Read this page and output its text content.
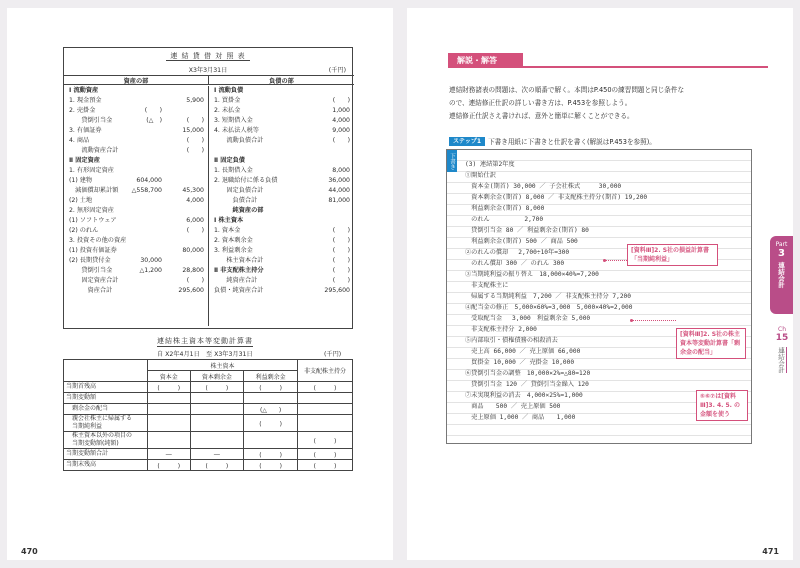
連 結 貸 借 対 照 表
X3年3月31日	(千円)
資産の部	負債の部
Ⅰ 流動資産
1. 現金預金	5,900
2. 売掛金	(　　)
　　貸倒引当金	(△　)	(　　)
3. 有価証券	15,000
4. 商品	(　　)
　　流動資産合計	(　　)
Ⅱ 固定資産
1. 有形固定資産
(1) 建物	604,000
　減価償却累計額 △558,700	45,300
(2) 土地	4,000
2. 無形固定資産
(1) ソフトウェア	6,000
(2) のれん	(　　)
3. 投資その他の資産
(1) 投資有価証券	80,000
(2) 長期貸付金	30,000
　　貸倒引当金	△1,200	28,800
　　固定資産合計	(　　)
　　　資産合計	295,600
Ⅰ 流動負債
1. 買掛金	(　　)
2. 未払金	1,000
3. 短期借入金	4,000
4. 未払法人税等	9,000
　　流動負債合計	(　　)
Ⅱ 固定負債
1. 長期借入金	8,000
2. 退職給付に係る負債	36,000
　　固定負債合計	44,000
　　　負債合計	81,000
　　　純資産の部
Ⅰ 株主資本
1. 資本金	(　　)
2. 資本剰余金	(　　)
3. 利益剰余金	(　　)
　　株主資本合計	(　　)
Ⅱ 非支配株主持分	(　　)
　　純資産合計	(　　)
負債・純資産合計	295,600
連結株主資本等変動計算書
自 X2年4月1日　至 X3年3月31日	(千円)
	株主資本			非支配株主持分
	資本金	資本剰余金	利益剰余金	
当期首残高	(　　　)	(　　　)	(　　　)	(　　　)
当期変動額				
　剰余金の配当			(△　　)	
　親会社株主に帰属する
　当期純利益			(　　　)	
　株主資本以外の項目の
　当期変動額(純額)				(　　　)
当期変動額合計	―	―	(　　　)	(　　　)
当期末残高	(　　　)	(　　　)	(　　　)	(　　　)
470
解説・解答
連結財務諸表の問題は、次の順番で解く。本問はP.450の練習問題と同じ条件な
ので、連結修正仕訳の詳しい書き方は、P.453を参照しよう。
連結修正仕訳さえ書ければ、意外と簡単に解くことができる。
ステップ1	下書き用紙に下書きと仕訳を書く(解説はP.453を参照)。
下書き
[資料Ⅲ]2. S社の損益計算書「当期純利益」
[資料Ⅲ]2. S社の株主資本等変動計算書「剰余金の配当」
⑤⑥⑦は[資料Ⅲ]3. 4. 5. の金額を使う
(3) 連結第2年度
①開始仕訳
　資本金(期首) 30,000 ／ 子会社株式　　　30,000
　資本剰余金(期首) 8,000 ／ 非支配株主持分(期首) 19,200
　利益剰余金(期首) 8,000
　のれん　　　　　 2,700
　貸倒引当金 80 ／ 利益剰余金(期首) 80
　利益剰余金(期首) 500 ／ 商品 500
②のれんの償却　 2,700÷10年=300
　のれん償却 300 ／ のれん 300
③当期純利益の振り替え　18,000×40%=7,200
　非支配株主に
　帰属する当期純利益　7,200 ／ 非支配株主持分 7,200
④配当金の修正　5,000×60%=3,000　5,000×40%=2,000
　受取配当金　 3,000　利益剰余金 5,000
　非支配株主持分 2,000
⑤内部取引・債権債務の相殺消去
　売上高 66,000 ／ 売上原価 66,000
　買掛金 10,000 ／ 売掛金 10,000
⑥貸倒引当金の調整　10,000×2%=△80=120
　貸倒引当金 120 ／ 貸倒引当金繰入 120
⑦未実現利益の消去　4,000×25%=1,000
　商品　　500 ／ 売上原価 500
　売上原価 1,000 ／ 商品　　1,000
Part
3
連結会計
Ch
15
連結会計
471
